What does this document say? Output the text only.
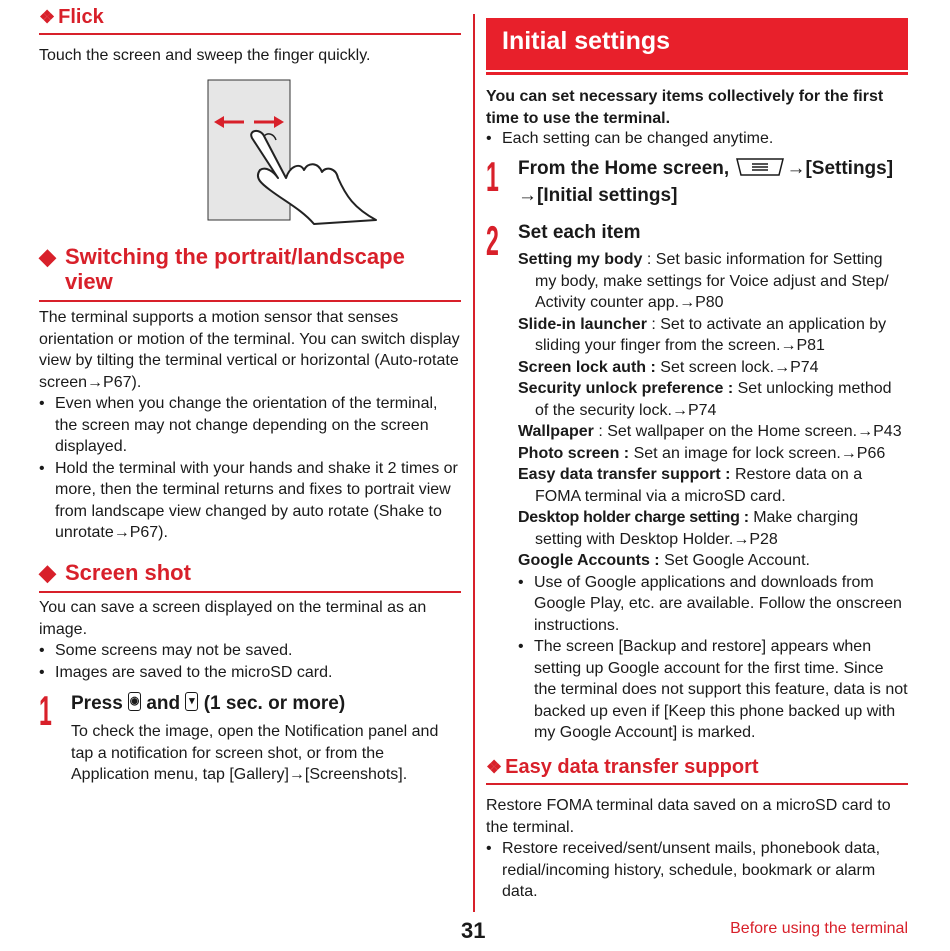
❖ Flick
Touch the screen and sweep the finger quickly.
◆ Switching the portrait/landscape view
The terminal supports a motion sensor that senses orientation or motion of the terminal. You can switch display view by tilting the terminal vertical or horizontal (Auto-rotate screen→P67).
• Even when you change the orientation of the terminal, the screen may not change depending on the screen displayed.
• Hold the terminal with your hands and shake it 2 times or more, then the terminal returns and fixes to portrait view from landscape view changed by auto rotate (Shake to unrotate→P67).
◆ Screen shot
You can save a screen displayed on the terminal as an image.
• Some screens may not be saved.
• Images are saved to the microSD card.
1 Press ◉ and ▾ (1 sec. or more)
To check the image, open the Notification panel and tap a notification for screen shot, or from the Application menu, tap [Gallery]→[Screenshots].
Initial settings
You can set necessary items collectively for the first time to use the terminal.
• Each setting can be changed anytime.
1 From the Home screen,	→[Settings]
→[Initial settings]
2 Set each item
Setting my body : Set basic information for Setting my body, make settings for Voice adjust and Step/ Activity counter app.→P80
Slide-in launcher : Set to activate an application by sliding your finger from the screen.→P81
Screen lock auth : Set screen lock.→P74
Security unlock preference : Set unlocking method of the security lock.→P74
Wallpaper : Set wallpaper on the Home screen.→P43
Photo screen : Set an image for lock screen.→P66
Easy data transfer support : Restore data on a FOMA terminal via a microSD card.
Desktop holder charge setting : Make charging setting with Desktop Holder.→P28
Google Accounts : Set Google Account.
• Use of Google applications and downloads from Google Play, etc. are available. Follow the onscreen instructions.
• The screen [Backup and restore] appears when setting up Google account for the first time. Since the terminal does not support this feature, data is not backed up even if [Keep this phone backed up with my Google Account] is marked.
❖ Easy data transfer support
Restore FOMA terminal data saved on a microSD card to the terminal.
• Restore received/sent/unsent mails, phonebook data, redial/incoming history, schedule, bookmark or alarm data.
31	Before using the terminal
